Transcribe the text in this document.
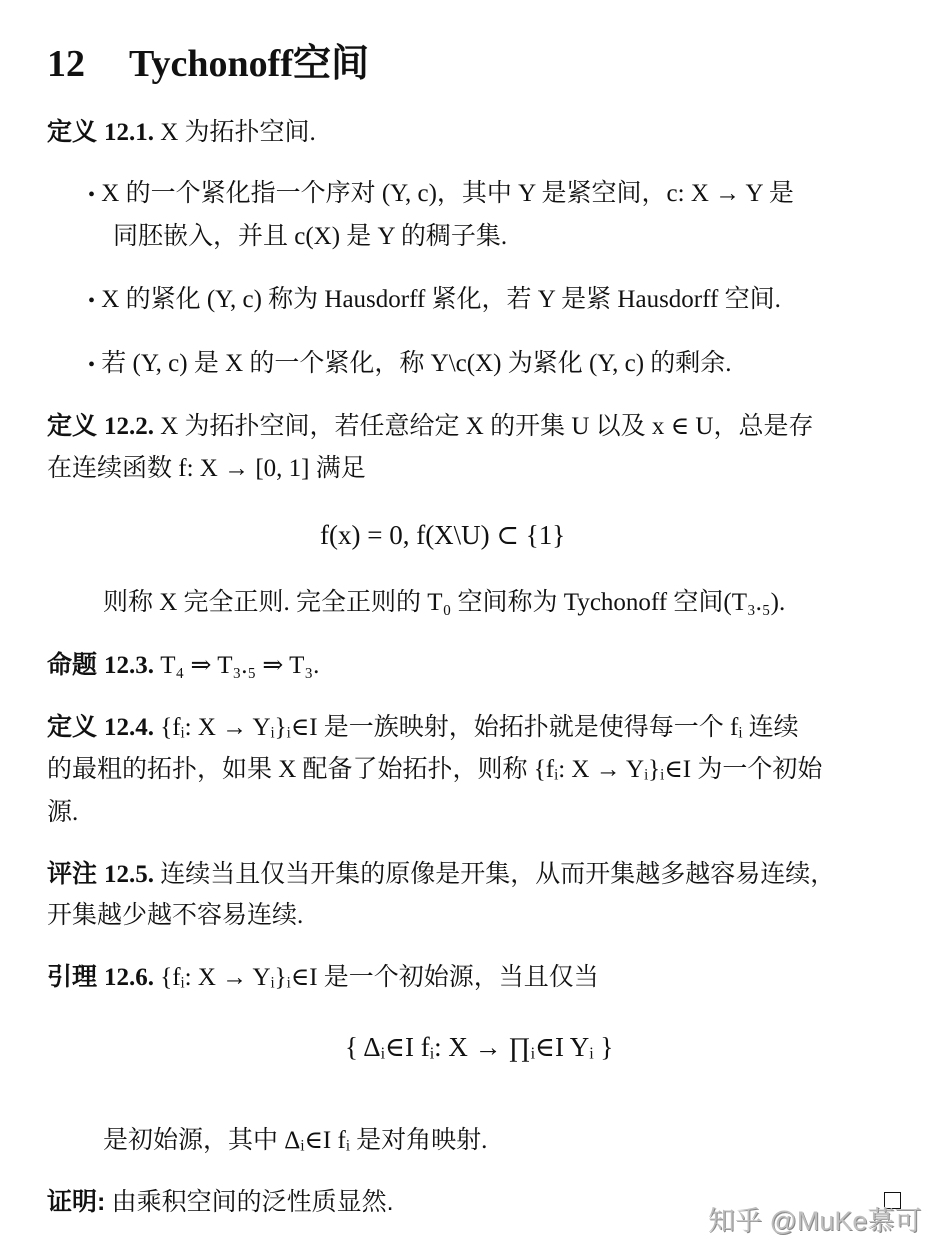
12 Tychonoff空间
定义 12.1. X 为拓扑空间.
• X 的一个紧化指一个序对 (Y, c)，其中 Y 是紧空间，c: X → Y 是
同胚嵌入，并且 c(X) 是 Y 的稠子集.
• X 的紧化 (Y, c) 称为 Hausdorff 紧化，若 Y 是紧 Hausdorff 空间.
• 若 (Y, c) 是 X 的一个紧化，称 Y\c(X) 为紧化 (Y, c) 的剩余.
定义 12.2. X 为拓扑空间，若任意给定 X 的开集 U 以及 x ∈ U，总是存
在连续函数 f: X → [0, 1] 满足
f(x) = 0, f(X\U) ⊂ {1}
则称 X 完全正则. 完全正则的 T₀ 空间称为 Tychonoff 空间(T₃.₅).
命题 12.3. T₄ ⇒ T₃.₅ ⇒ T₃.
定义 12.4. {fᵢ: X → Yᵢ}ᵢ∈I 是一族映射，始拓扑就是使得每一个 fᵢ 连续
的最粗的拓扑，如果 X 配备了始拓扑，则称 {fᵢ: X → Yᵢ}ᵢ∈I 为一个初始
源.
评注 12.5. 连续当且仅当开集的原像是开集，从而开集越多越容易连续，
开集越少越不容易连续.
引理 12.6. {fᵢ: X → Yᵢ}ᵢ∈I 是一个初始源，当且仅当
{ Δᵢ∈I fᵢ: X → ∏ᵢ∈I Yᵢ }
是初始源，其中 Δᵢ∈I fᵢ 是对角映射.
证明: 由乘积空间的泛性质显然.
知乎 @MuKe慕可
